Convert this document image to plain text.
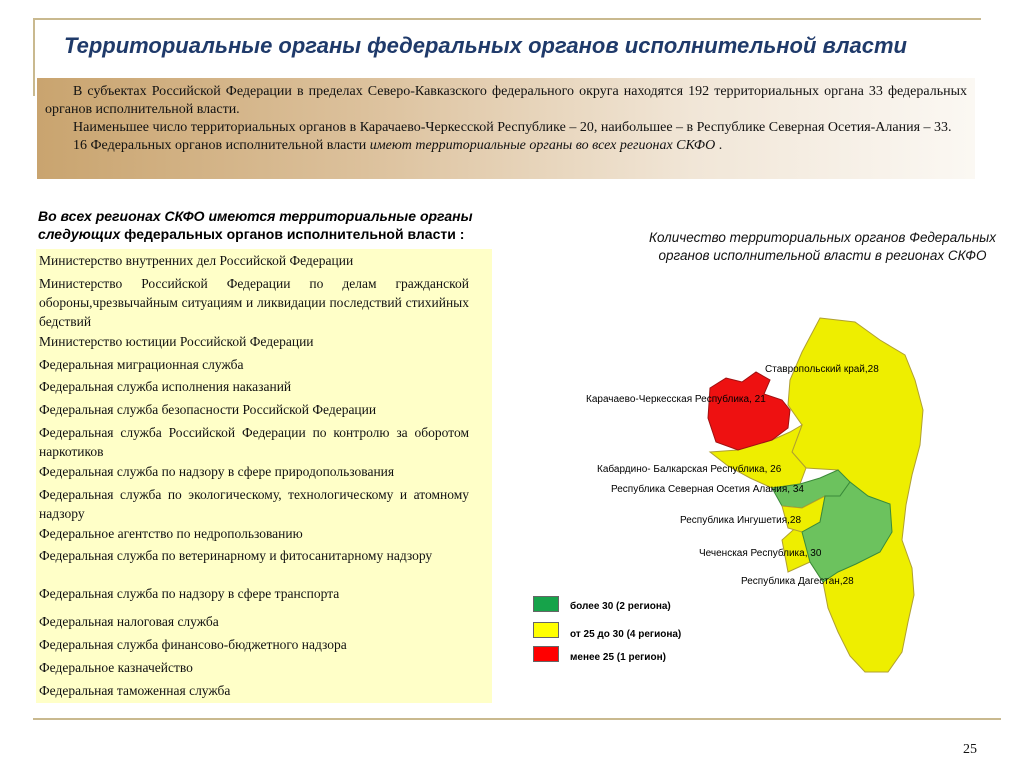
Территориальные органы федеральных органов исполнительной власти

В субъектах Российской Федерации в пределах Северо-Кавказского федерального округа находятся 192 территориальных органа 33 федеральных органов исполнительной власти.

Наименьшее число территориальных органов в Карачаево-Черкесской Республике – 20, наибольшее – в Республике Северная Осетия-Алания – 33.

16 Федеральных органов исполнительной власти имеют территориальные органы во всех регионах СКФО .

Во всех регионах СКФО имеются территориальные органы
следующих федеральных органов исполнительной власти :
Министерство внутренних дел Российской Федерации
Министерство Российской Федерации по делам гражданской обороны,чрезвычайным ситуациям и ликвидации последствий стихийных бедствий
Министерство юстиции Российской Федерации
Федеральная миграционная служба
Федеральная служба исполнения наказаний
Федеральная служба безопасности Российской Федерации
Федеральная служба Российской Федерации по контролю за оборотом наркотиков
Федеральная служба по надзору в сфере природопользования
Федеральная служба по экологическому, технологическому и атомному надзору
Федеральное агентство по недропользованию
Федеральная служба по ветеринарному и фитосанитарному надзору
Федеральная служба по надзору в сфере транспорта
Федеральная налоговая служба
Федеральная служба финансово-бюджетного надзора
Федеральное казначейство
Федеральная таможенная служба
Количество территориальных органов Федеральных органов исполнительной власти в регионах СКФО
Ставропольский край,28
Карачаево-Черкесская Республика, 21
Кабардино- Балкарская Республика, 26
Республика Северная Осетия Алания, 34
Республика Ингушетия,28
Чеченская Республика, 30
Республика Дагестан,28
более 30 (2 региона)
от 25 до 30 (4 региона)
менее 25 (1 регион)
25
